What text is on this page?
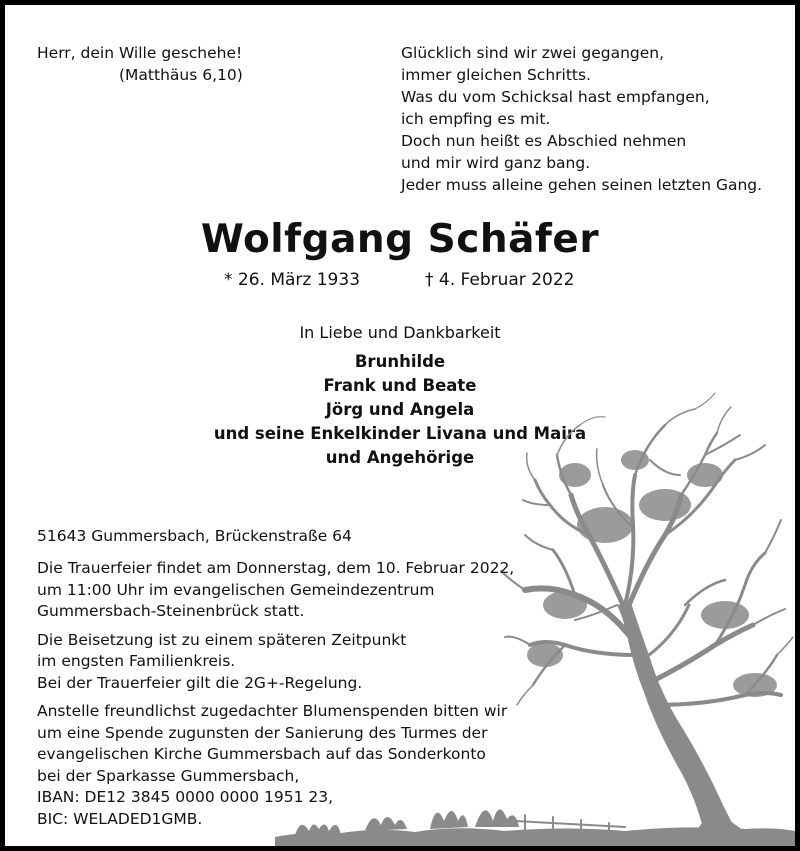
Herr, dein Wille geschehe!
(Matthäus 6,10)
Glücklich sind wir zwei gegangen,
immer gleichen Schritts.
Was du vom Schicksal hast empfangen,
ich empfing es mit.
Doch nun heißt es Abschied nehmen
und mir wird ganz bang.
Jeder muss alleine gehen seinen letzten Gang.
Wolfgang Schäfer
* 26. März 1933	† 4. Februar 2022
In Liebe und Dankbarkeit
Brunhilde
Frank und Beate
Jörg und Angela
und seine Enkelkinder Livana und Maira
und Angehörige
51643 Gummersbach, Brückenstraße 64
Die Trauerfeier findet am Donnerstag, dem 10. Februar 2022,
um 11:00 Uhr im evangelischen Gemeindezentrum
Gummersbach-Steinenbrück statt.
Die Beisetzung ist zu einem späteren Zeitpunkt
im engsten Familienkreis.
Bei der Trauerfeier gilt die 2G+-Regelung.
Anstelle freundlichst zugedachter Blumenspenden bitten wir
um eine Spende zugunsten der Sanierung des Turmes der
evangelischen Kirche Gummersbach auf das Sonderkonto
bei der Sparkasse Gummersbach,
IBAN: DE12 3845 0000 0000 1951 23,
BIC: WELADED1GMB.
